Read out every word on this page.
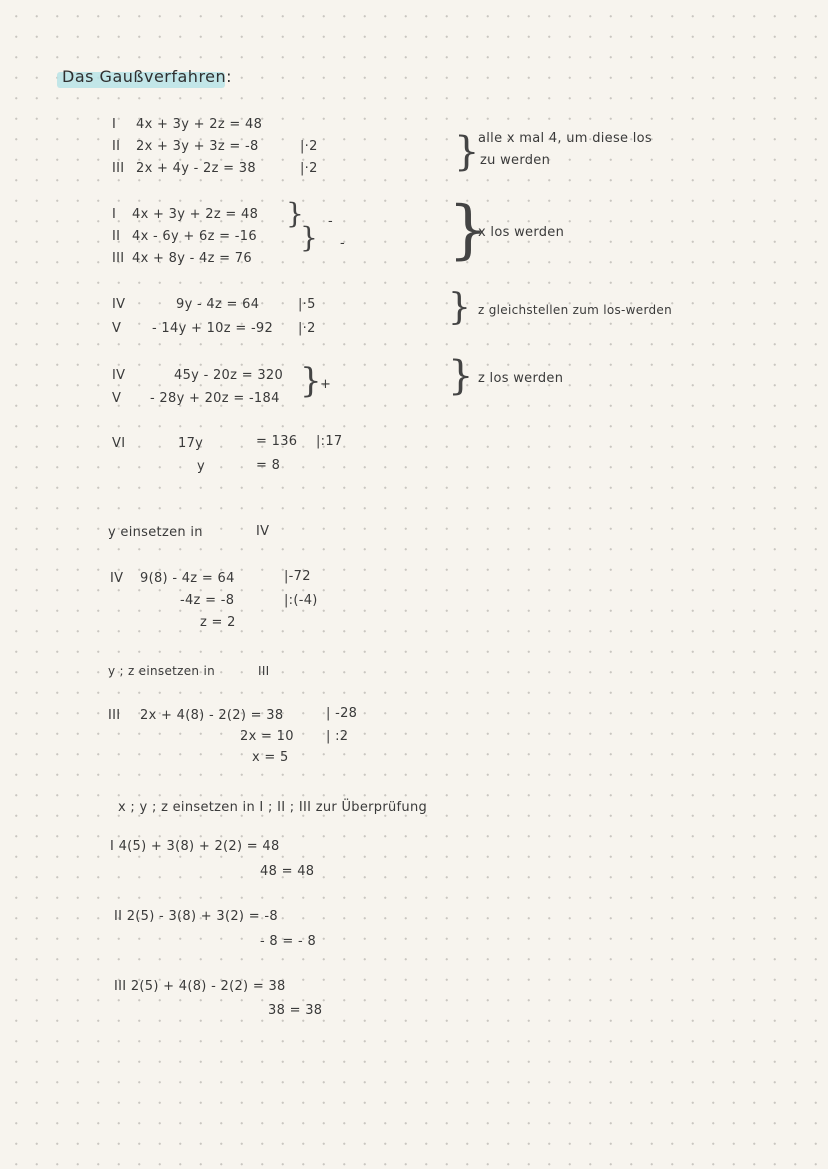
Das Gaußverfahren:
I 4x + 3y + 2z = 48
II 2x + 3y + 3z = -8	|·2
III 2x + 4y - 2z = 38	|·2	}
alle x mal 4, um diese los
zu werden
I 4x + 3y + 2z = 48
II 4x - 6y + 6z = -16
III 4x + 8y - 4z = 76
}
} -
- }
x los werden
IV	9y - 4z = 64	|·5
V - 14y + 10z = -92 |·2
} z gleichstellen zum los-werden
IV	45y - 20z = 320
V - 28y + 20z = -184 }
+	} z los werden
VI	17y	= 136 |:17
y	= 8
y einsetzen in	IV
IV 9(8) - 4z = 64	|-72
-4z = -8	|:(-4)
z = 2
y ; z einsetzen in	III
III 2x + 4(8) - 2(2) = 38	| -28
2x = 10 | :2
x = 5
x ; y ; z einsetzen in I ; II ; III zur Überprüfung
I 4(5) + 3(8) + 2(2) = 48
48 = 48
II 2(5) - 3(8) + 3(2) = -8
- 8 = - 8
III 2(5) + 4(8) - 2(2) = 38
38 = 38
